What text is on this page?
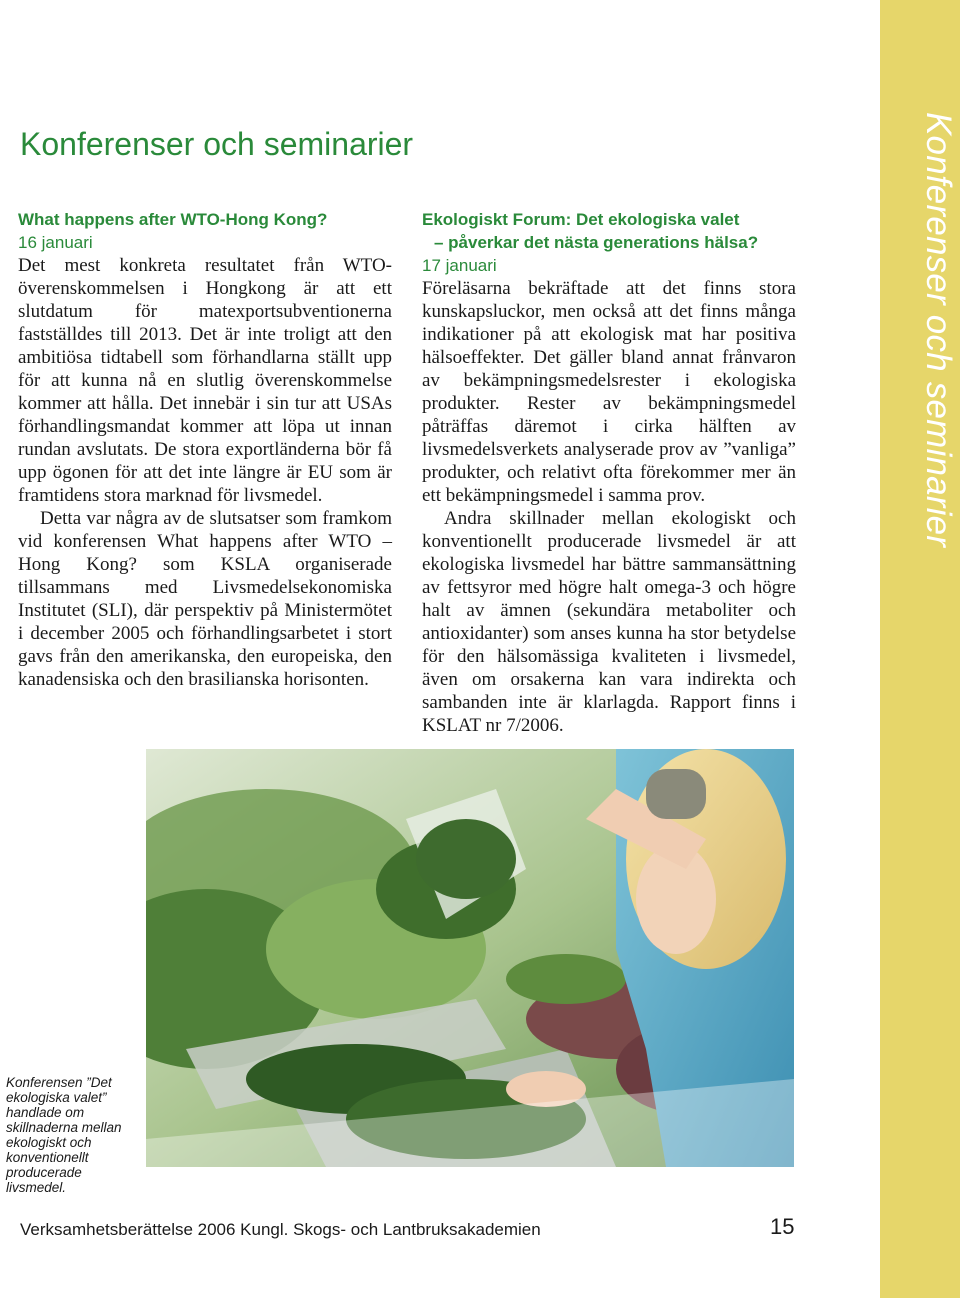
Konferenser och seminarier
Konferenser och seminarier
What happens after WTO-Hong Kong?
16 januari

Det mest konkreta resultatet från WTO-överenskommelsen i Hongkong är att ett slutdatum för matexportsubventionerna fastställdes till 2013. Det är inte troligt att den ambitiösa tidtabell som förhandlarna ställt upp för att kunna nå en slutlig överenskommelse kommer att hålla. Det innebär i sin tur att USAs förhandlingsmandat kommer att löpa ut innan rundan avslutats. De stora exportländerna bör få upp ögonen för att det inte längre är EU som är framtidens stora marknad för livsmedel.

Detta var några av de slutsatser som framkom vid konferensen What happens after WTO – Hong Kong? som KSLA organiserade tillsammans med Livsmedelsekonomiska Institutet (SLI), där perspektiv på Ministermötet i december 2005 och förhandlingsarbetet i stort gavs från den amerikanska, den europeiska, den kanadensiska och den brasilianska horisonten.

Ekologiskt Forum: Det ekologiska valet
– påverkar det nästa generations hälsa?
17 januari

Föreläsarna bekräftade att det finns stora kunskapsluckor, men också att det finns många indikationer på att ekologisk mat har positiva hälsoeffekter. Det gäller bland annat frånvaron av bekämpningsmedelsrester i ekologiska produkter. Rester av bekämpningsmedel påträffas däremot i cirka hälften av livsmedelsverkets analyserade prov av ”vanliga” produkter, och relativt ofta förekommer mer än ett bekämpningsmedel i samma prov.

Andra skillnader mellan ekologiskt och konventionellt producerade livsmedel är att ekologiska livsmedel har bättre sammansättning av fettsyror med högre halt omega-3 och högre halt av ämnen (sekundära metaboliter och antioxidanter) som anses kunna ha stor betydelse för den hälsomässiga kvaliteten i livsmedel, även om orsakerna kan vara indirekta och sambanden inte är klarlagda. Rapport finns i KSLAT nr 7/2006.

Konferensen ”Det ekologiska valet” handlade om skillnaderna mellan ekologiskt och konventionellt producerade livsmedel.
Verksamhetsberättelse 2006 Kungl. Skogs- och Lantbruksakademien	15
